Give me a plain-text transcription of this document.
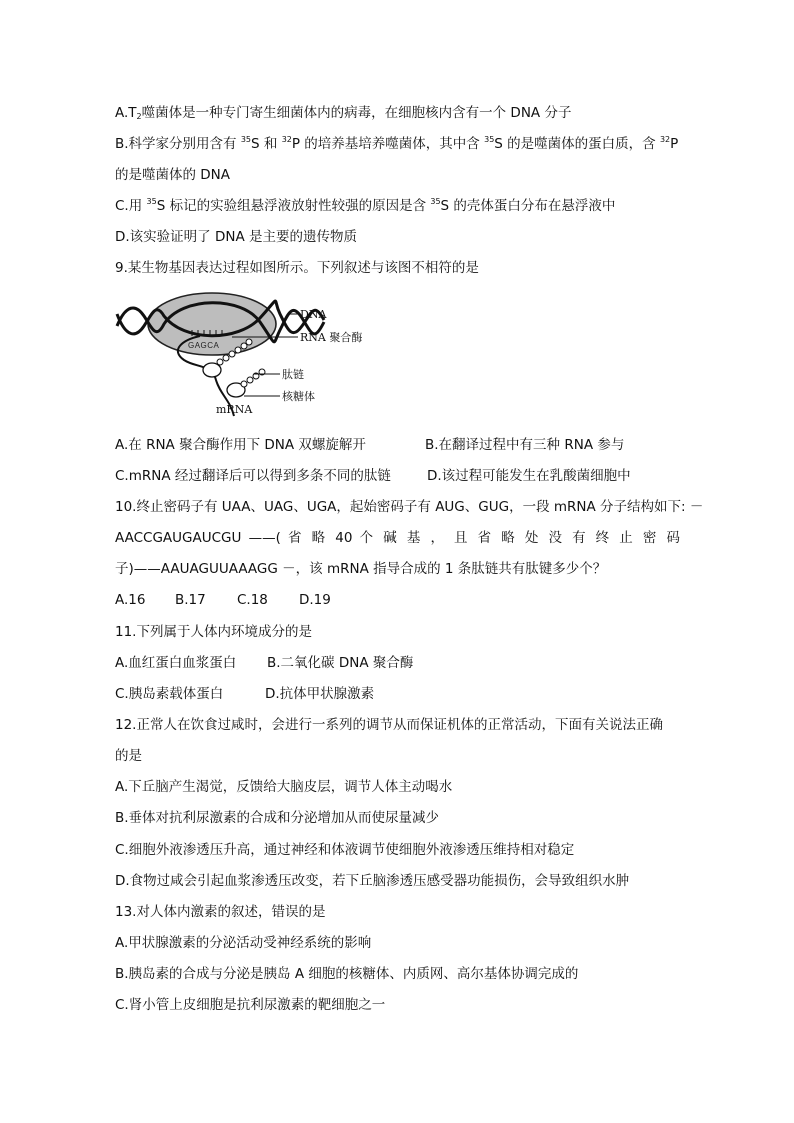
$A.T_2$噬菌体是一种专门寄生细菌体内的病毒，在细胞核内含有一个 DNA 分子
B.科学家分别用含有 $^{35}$S 和 $^{32}$P 的培养基培养噬菌体，其中含 $^{35}$S 的是噬菌体的蛋白质，含 $^{32}$P
的是噬菌体的 DNA
C.用 $^{35}$S 标记的实验组悬浮液放射性较强的原因是含 $^{35}$S 的壳体蛋白分布在悬浮液中
D.该实验证明了 DNA 是主要的遗传物质
9.某生物基因表达过程如图所示。下列叙述与该图不相符的是
GAGCA
DNA
RNA 聚合酶
肽链
核糖体
mRNA
A.在 RNA 聚合酶作用下 DNA 双螺旋解开	B.在翻译过程中有三种 RNA 参与
C.mRNA 经过翻译后可以得到多条不同的肽链	D.该过程可能发生在乳酸菌细胞中
10.终止密码子有 UAA、UAG、UGA，起始密码子有 AUG、GUG，一段 mRNA 分子结构如下: －
AACCGAUGAUCGU ——( 省 略 40 个 碱 基 ， 且 省 略 处 没 有 终 止 密 码
子)——AAUAGUUAAAGG －，该 mRNA 指导合成的 1 条肽链共有肽键多少个？
A.16 B.17 C.18 D.19
11.下列属于人体内环境成分的是
A.血红蛋白血浆蛋白 B.二氧化碳 DNA 聚合酶
C.胰岛素载体蛋白	D.抗体甲状腺激素
12.正常人在饮食过咸时，会进行一系列的调节从而保证机体的正常活动，下面有关说法正确
的是
A.下丘脑产生渴觉，反馈给大脑皮层，调节人体主动喝水
B.垂体对抗利尿激素的合成和分泌增加从而使尿量减少
C.细胞外液渗透压升高，通过神经和体液调节使细胞外液渗透压维持相对稳定
D.食物过咸会引起血浆渗透压改变，若下丘脑渗透压感受器功能损伤，会导致组织水肿
13.对人体内激素的叙述，错误的是
A.甲状腺激素的分泌活动受神经系统的影响
B.胰岛素的合成与分泌是胰岛 A 细胞的核糖体、内质网、高尔基体协调完成的
C.肾小管上皮细胞是抗利尿激素的靶细胞之一
